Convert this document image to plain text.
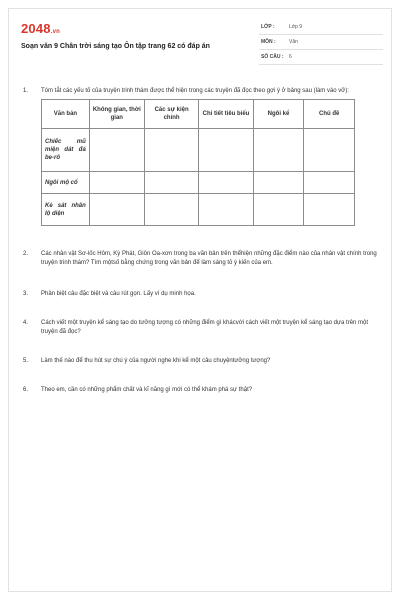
2048.vn
Soạn văn 9 Chân trời sáng tạo Ôn tập trang 62 có đáp án
LỚP :	Lớp 9
MÔN :	Văn
SỐ CÂU : 6
1. Tóm tắt các yếu tố của truyện trinh thám được thể hiện trong các truyện đã đọc theo gợi ý ở bảng sau (làm vào vở):
Văn bản	Không gian, thời gian	Các sự kiện chính	Chi tiết tiêu biểu	Ngôi kể	Chủ đề
Chiếc mũ miện dát đá be-rô					
Ngôi mộ cổ					
Kẻ sát nhân lộ diện					
2. Các nhân vật Sơ-lốc Hôm, Kỳ Phát, Giôn Oa-xơn trong ba văn bản trên thểhiện những đặc điểm nào của nhân vật chính trong truyện trinh thám? Tìm mộtsố bằng chứng trong văn bản để làm sáng tỏ ý kiến của em.
3. Phân biệt câu đặc biệt và câu rút gọn. Lấy ví dụ minh họa.
4. Cách viết một truyện kể sáng tạo do tưởng tượng có những điểm gì khácvới cách viết một truyện kể sáng tạo dựa trên một truyện đã đọc?
5. Làm thế nào để thu hút sự chú ý của người nghe khi kể một câu chuyệntưởng tượng?
6. Theo em, cần có những phẩm chất và kĩ năng gì mới có thể khám phá sự thật?
